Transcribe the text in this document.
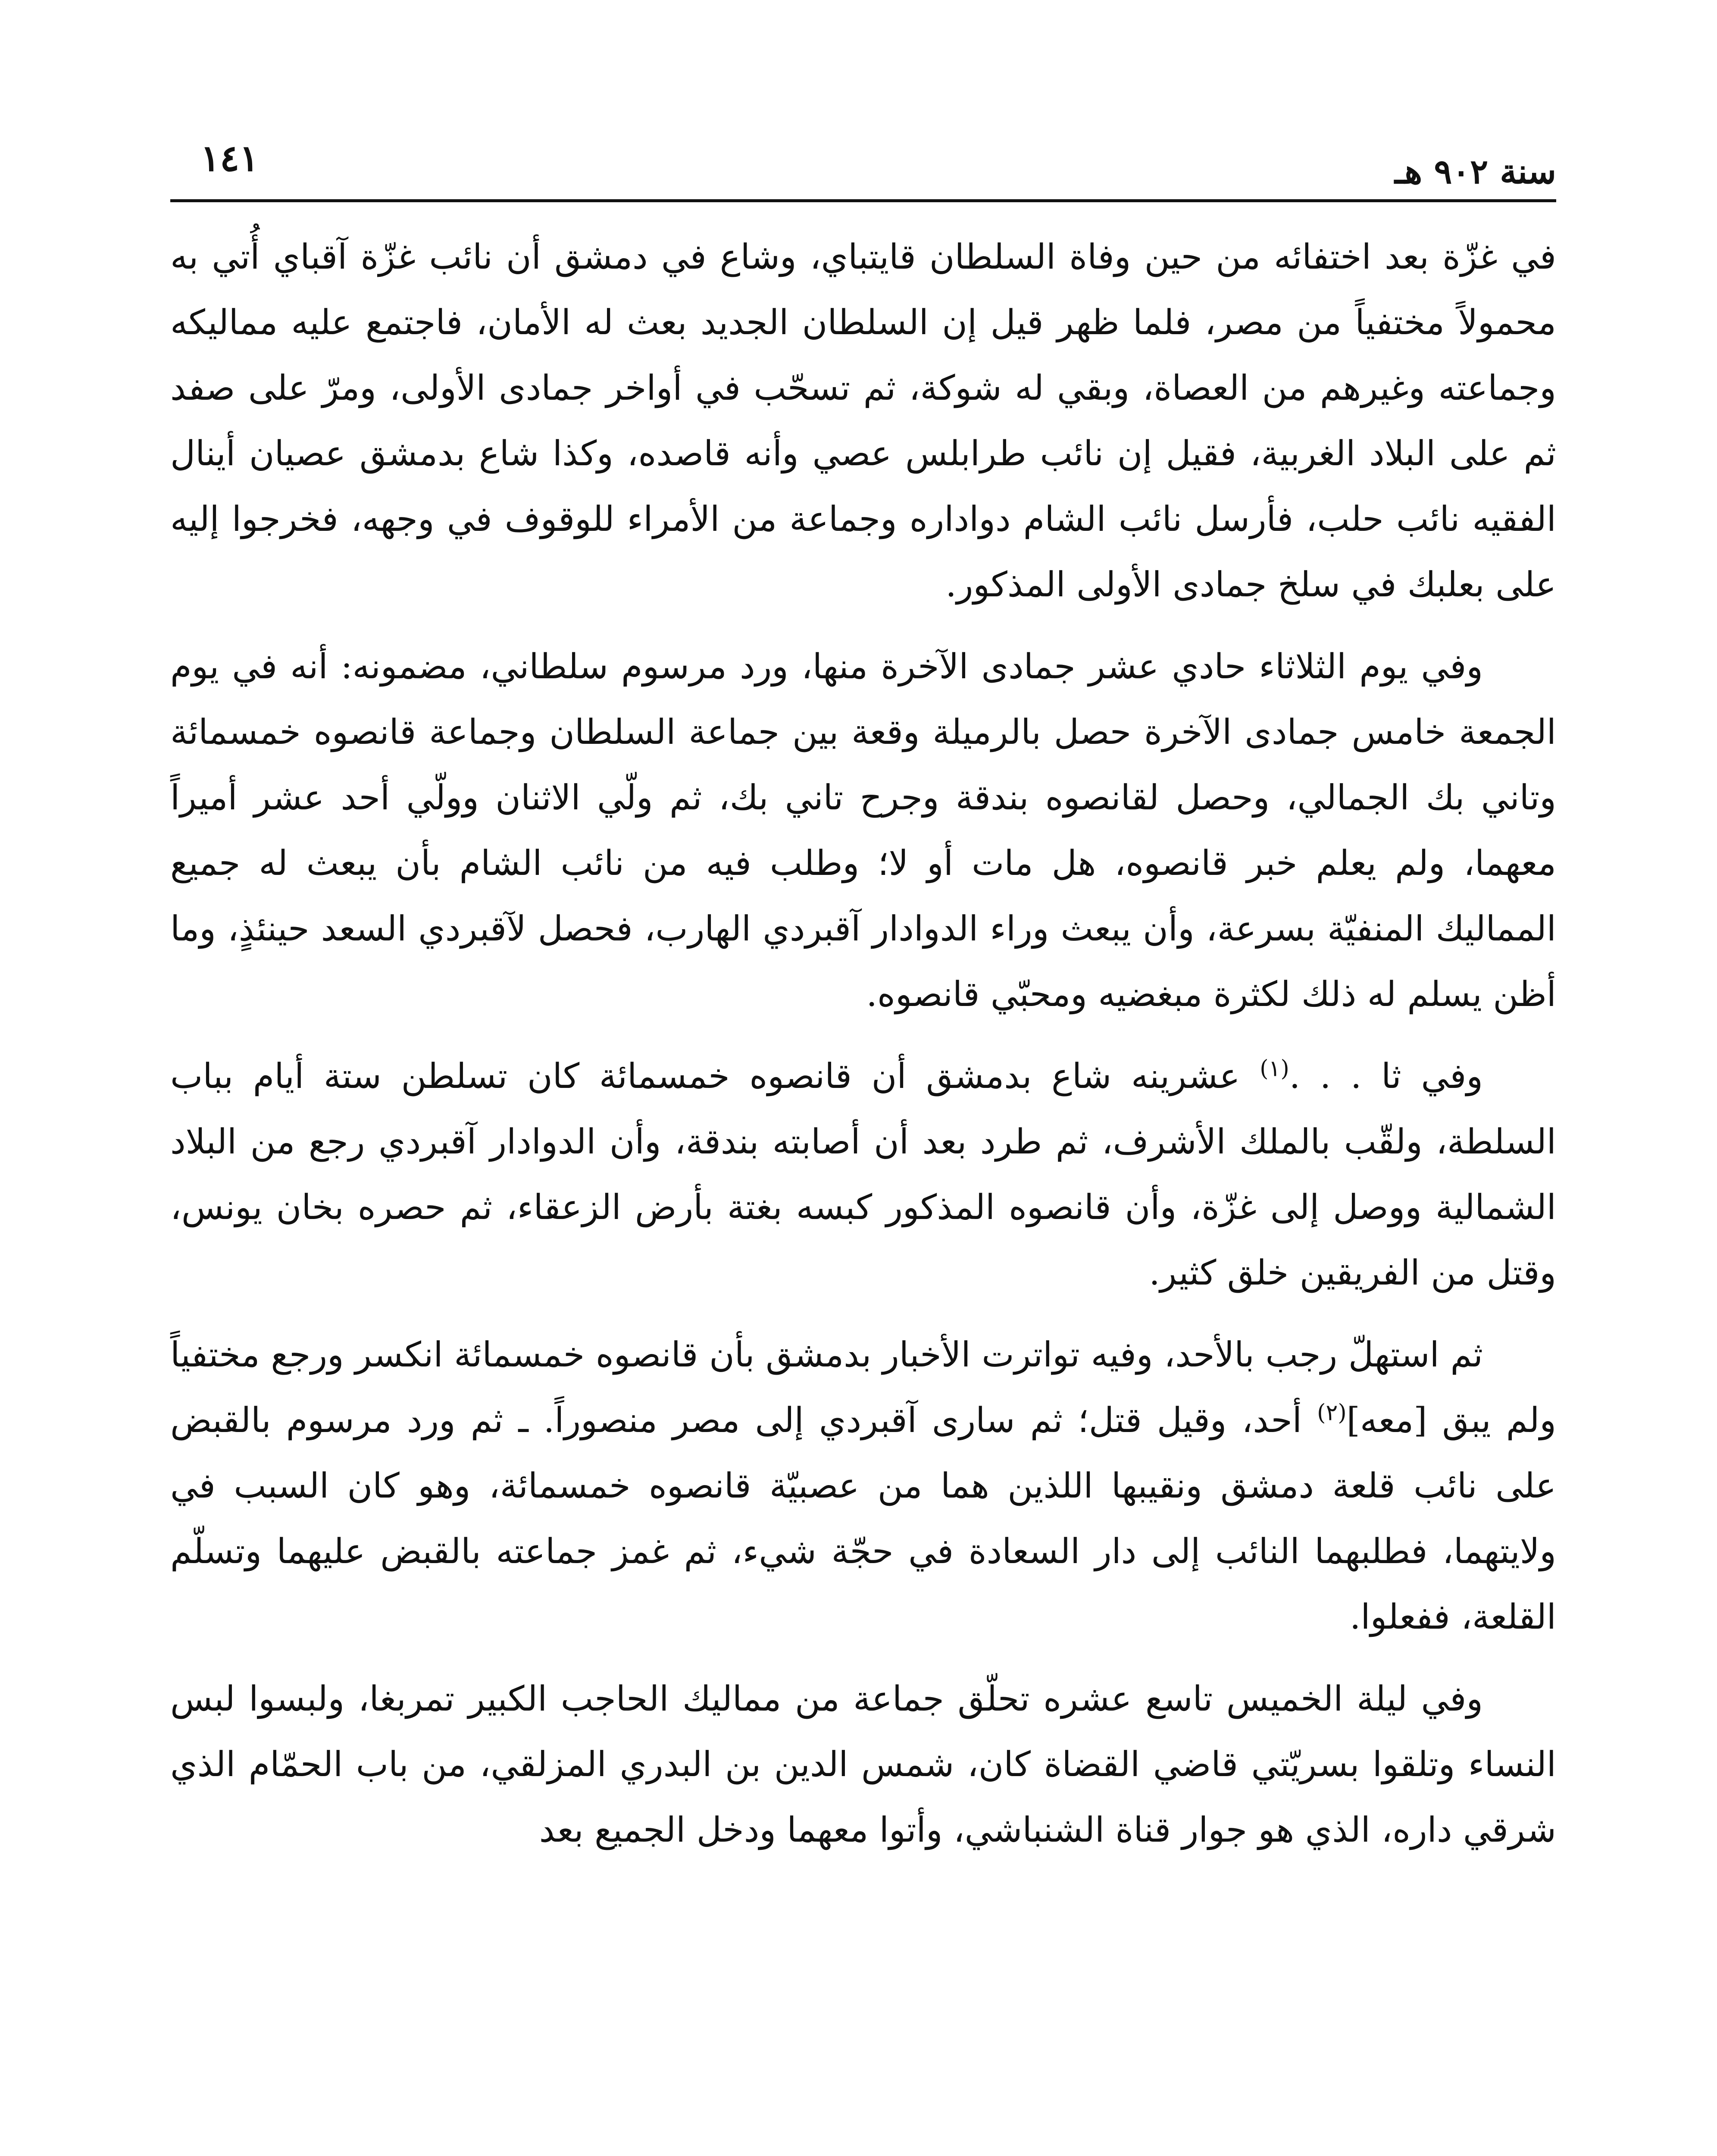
سنة ٩٠٢ هـ
١٤١

في غزّة بعد اختفائه من حين وفاة السلطان قايتباي، وشاع في دمشق أن نائب غزّة آقباي أُتي به محمولاً مختفياً من مصر، فلما ظهر قيل إن السلطان الجديد بعث له الأمان، فاجتمع عليه مماليكه وجماعته وغيرهم من العصاة، وبقي له شوكة، ثم تسحّب في أواخر جمادى الأولى، ومرّ على صفد ثم على البلاد الغربية، فقيل إن نائب طرابلس عصي وأنه قاصده، وكذا شاع بدمشق عصيان أينال الفقيه نائب حلب، فأرسل نائب الشام دواداره وجماعة من الأمراء للوقوف في وجهه، فخرجوا إليه على بعلبك في سلخ جمادى الأولى المذكور.

وفي يوم الثلاثاء حادي عشر جمادى الآخرة منها، ورد مرسوم سلطاني، مضمونه: أنه في يوم الجمعة خامس جمادى الآخرة حصل بالرميلة وقعة بين جماعة السلطان وجماعة قانصوه خمسمائة وتاني بك الجمالي، وحصل لقانصوه بندقة وجرح تاني بك، ثم ولّي الاثنان وولّي أحد عشر أميراً معهما، ولم يعلم خبر قانصوه، هل مات أو لا؛ وطلب فيه من نائب الشام بأن يبعث له جميع المماليك المنفيّة بسرعة، وأن يبعث وراء الدوادار آقبردي الهارب، فحصل لآقبردي السعد حينئذٍ، وما أظن يسلم له ذلك لكثرة مبغضيه ومحبّي قانصوه.

وفي ثا . . .$^{(١)}$ عشرينه شاع بدمشق أن قانصوه خمسمائة كان تسلطن ستة أيام بباب السلطة، ولقّب بالملك الأشرف، ثم طرد بعد أن أصابته بندقة، وأن الدوادار آقبردي رجع من البلاد الشمالية ووصل إلى غزّة، وأن قانصوه المذكور كبسه بغتة بأرض الزعقاء، ثم حصره بخان يونس، وقتل من الفريقين خلق كثير.

ثم استهلّ رجب بالأحد، وفيه تواترت الأخبار بدمشق بأن قانصوه خمسمائة انكسر ورجع مختفياً ولم يبق [معه]$^{(٢)}$ أحد، وقيل قتل؛ ثم سارى آقبردي إلى مصر منصوراً. ـ ثم ورد مرسوم بالقبض على نائب قلعة دمشق ونقيبها اللذين هما من عصبيّة قانصوه خمسمائة، وهو كان السبب في ولايتهما، فطلبهما النائب إلى دار السعادة في حجّة شيء، ثم غمز جماعته بالقبض عليهما وتسلّم القلعة، ففعلوا.

وفي ليلة الخميس تاسع عشره تحلّق جماعة من مماليك الحاجب الكبير تمربغا، ولبسوا لبس النساء وتلقوا بسريّتي قاضي القضاة كان، شمس الدين بن البدري المزلقي، من باب الحمّام الذي شرقي داره، الذي هو جوار قناة الشنباشي، وأتوا معهما ودخل الجميع بعد
